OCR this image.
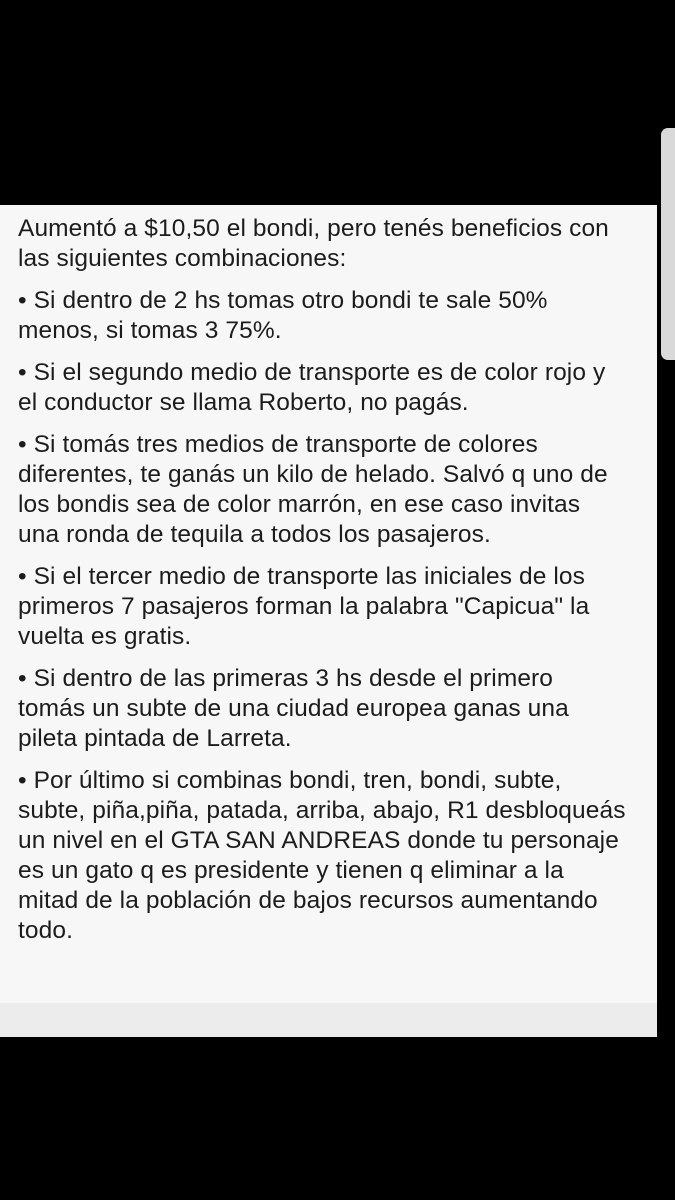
Aumentó a $10,50 el bondi, pero tenés beneficios con
las siguientes combinaciones:

• Si dentro de 2 hs tomas otro bondi te sale 50%
menos, si tomas 3 75%.

• Si el segundo medio de transporte es de color rojo y
el conductor se llama Roberto, no pagás.

• Si tomás tres medios de transporte de colores
diferentes, te ganás un kilo de helado. Salvó q uno de
los bondis sea de color marrón, en ese caso invitas
una ronda de tequila a todos los pasajeros.

• Si el tercer medio de transporte las iniciales de los
primeros 7 pasajeros forman la palabra "Capicua" la
vuelta es gratis.

• Si dentro de las primeras 3 hs desde el primero
tomás un subte de una ciudad europea ganas una
pileta pintada de Larreta.

• Por último si combinas bondi, tren, bondi, subte,
subte, piña,piña, patada, arriba, abajo, R1 desbloqueás
un nivel en el GTA SAN ANDREAS donde tu personaje
es un gato q es presidente y tienen q eliminar a la
mitad de la población de bajos recursos aumentando
todo.
